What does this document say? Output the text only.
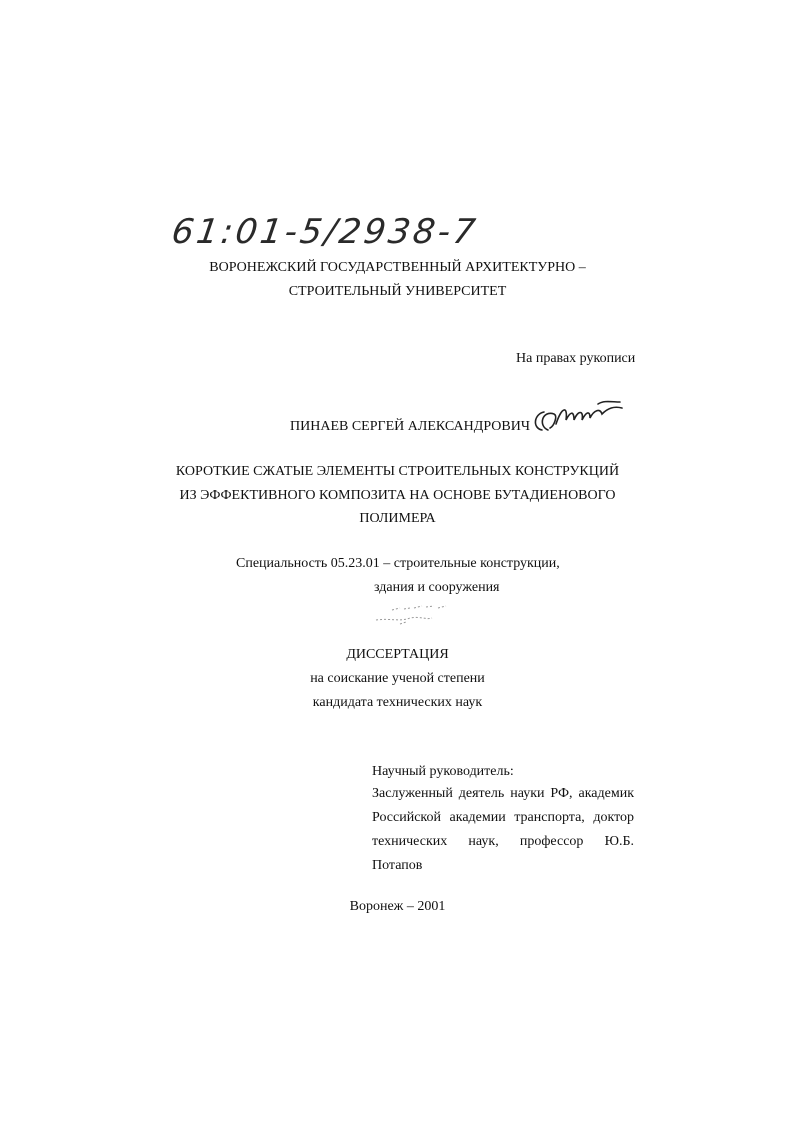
61:01-5/2938-7
ВОРОНЕЖСКИЙ ГОСУДАРСТВЕННЫЙ АРХИТЕКТУРНО –
СТРОИТЕЛЬНЫЙ УНИВЕРСИТЕТ
На правах рукописи
ПИНАЕВ СЕРГЕЙ АЛЕКСАНДРОВИЧ
КОРОТКИЕ СЖАТЫЕ ЭЛЕМЕНТЫ СТРОИТЕЛЬНЫХ КОНСТРУКЦИЙ
ИЗ ЭФФЕКТИВНОГО КОМПОЗИТА НА ОСНОВЕ БУТАДИЕНОВОГО
ПОЛИМЕРА
Специальность 05.23.01 – строительные конструкции,
здания и сооружения
ДИССЕРТАЦИЯ
на соискание ученой степени
кандидата технических наук
Научный руководитель:
Заслуженный деятель науки РФ, академик
Российской академии транспорта, доктор
технических наук, профессор Ю.Б. Потапов
Воронеж – 2001
